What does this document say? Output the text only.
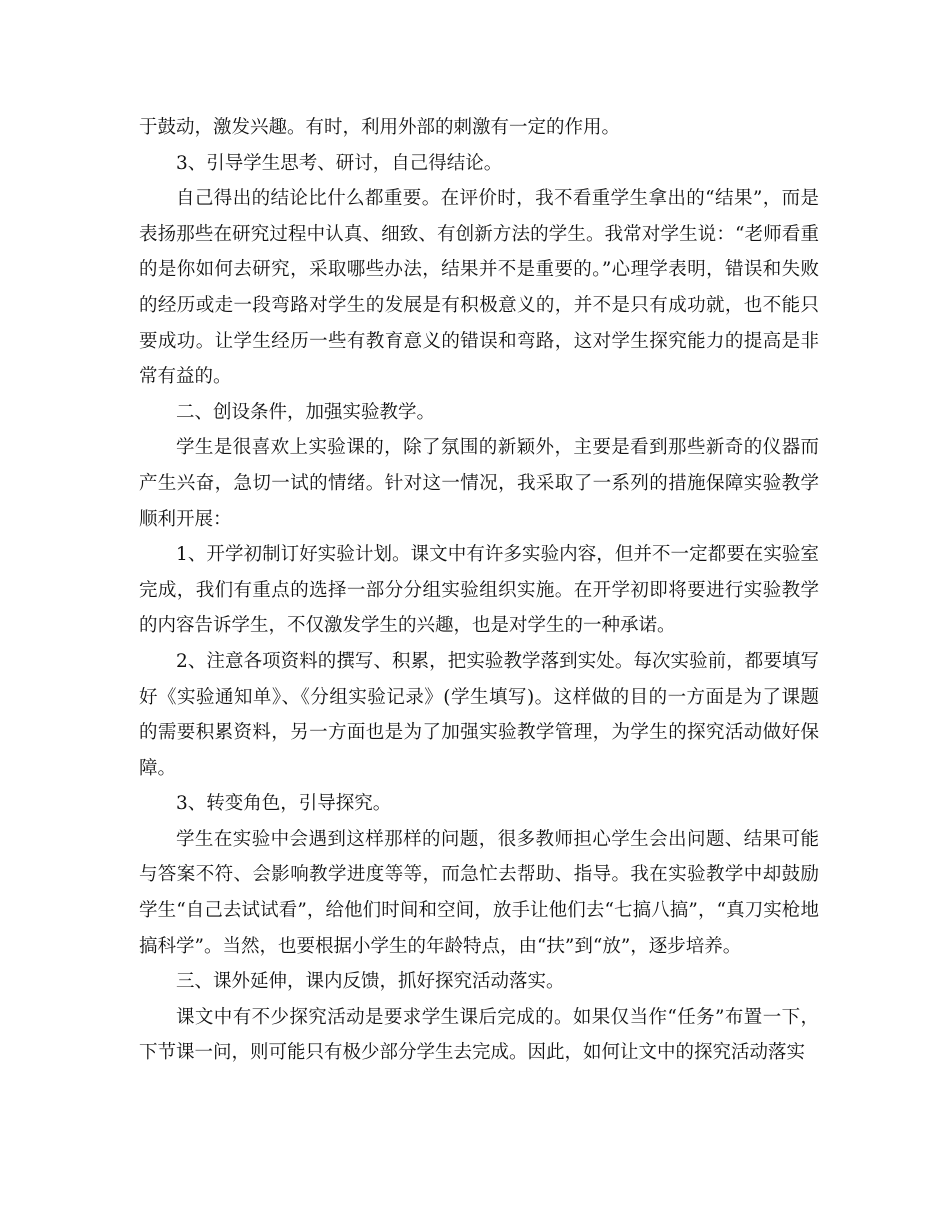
于鼓动，激发兴趣。有时，利用外部的刺激有一定的作用。

3、引导学生思考、研讨，自己得结论。

自己得出的结论比什么都重要。在评价时，我不看重学生拿出的“结果”，而是表扬那些在研究过程中认真、细致、有创新方法的学生。我常对学生说：“老师看重的是你如何去研究，采取哪些办法，结果并不是重要的。”心理学表明，错误和失败的经历或走一段弯路对学生的发展是有积极意义的，并不是只有成功就，也不能只要成功。让学生经历一些有教育意义的错误和弯路，这对学生探究能力的提高是非常有益的。

二、创设条件，加强实验教学。

学生是很喜欢上实验课的，除了氛围的新颖外，主要是看到那些新奇的仪器而产生兴奋，急切一试的情绪。针对这一情况，我采取了一系列的措施保障实验教学顺利开展：

1、开学初制订好实验计划。课文中有许多实验内容，但并不一定都要在实验室完成，我们有重点的选择一部分分组实验组织实施。在开学初即将要进行实验教学的内容告诉学生，不仅激发学生的兴趣，也是对学生的一种承诺。

2、注意各项资料的撰写、积累，把实验教学落到实处。每次实验前，都要填写好《实验通知单》、《分组实验记录》(学生填写)。这样做的目的一方面是为了课题的需要积累资料，另一方面也是为了加强实验教学管理，为学生的探究活动做好保障。

3、转变角色，引导探究。

学生在实验中会遇到这样那样的问题，很多教师担心学生会出问题、结果可能与答案不符、会影响教学进度等等，而急忙去帮助、指导。我在实验教学中却鼓励学生“自己去试试看”，给他们时间和空间，放手让他们去“七搞八搞”，“真刀实枪地搞科学”。当然，也要根据小学生的年龄特点，由“扶”到“放”，逐步培养。

三、课外延伸，课内反馈，抓好探究活动落实。

课文中有不少探究活动是要求学生课后完成的。如果仅当作“任务”布置一下，下节课一问，则可能只有极少部分学生去完成。因此，如何让文中的探究活动落实
